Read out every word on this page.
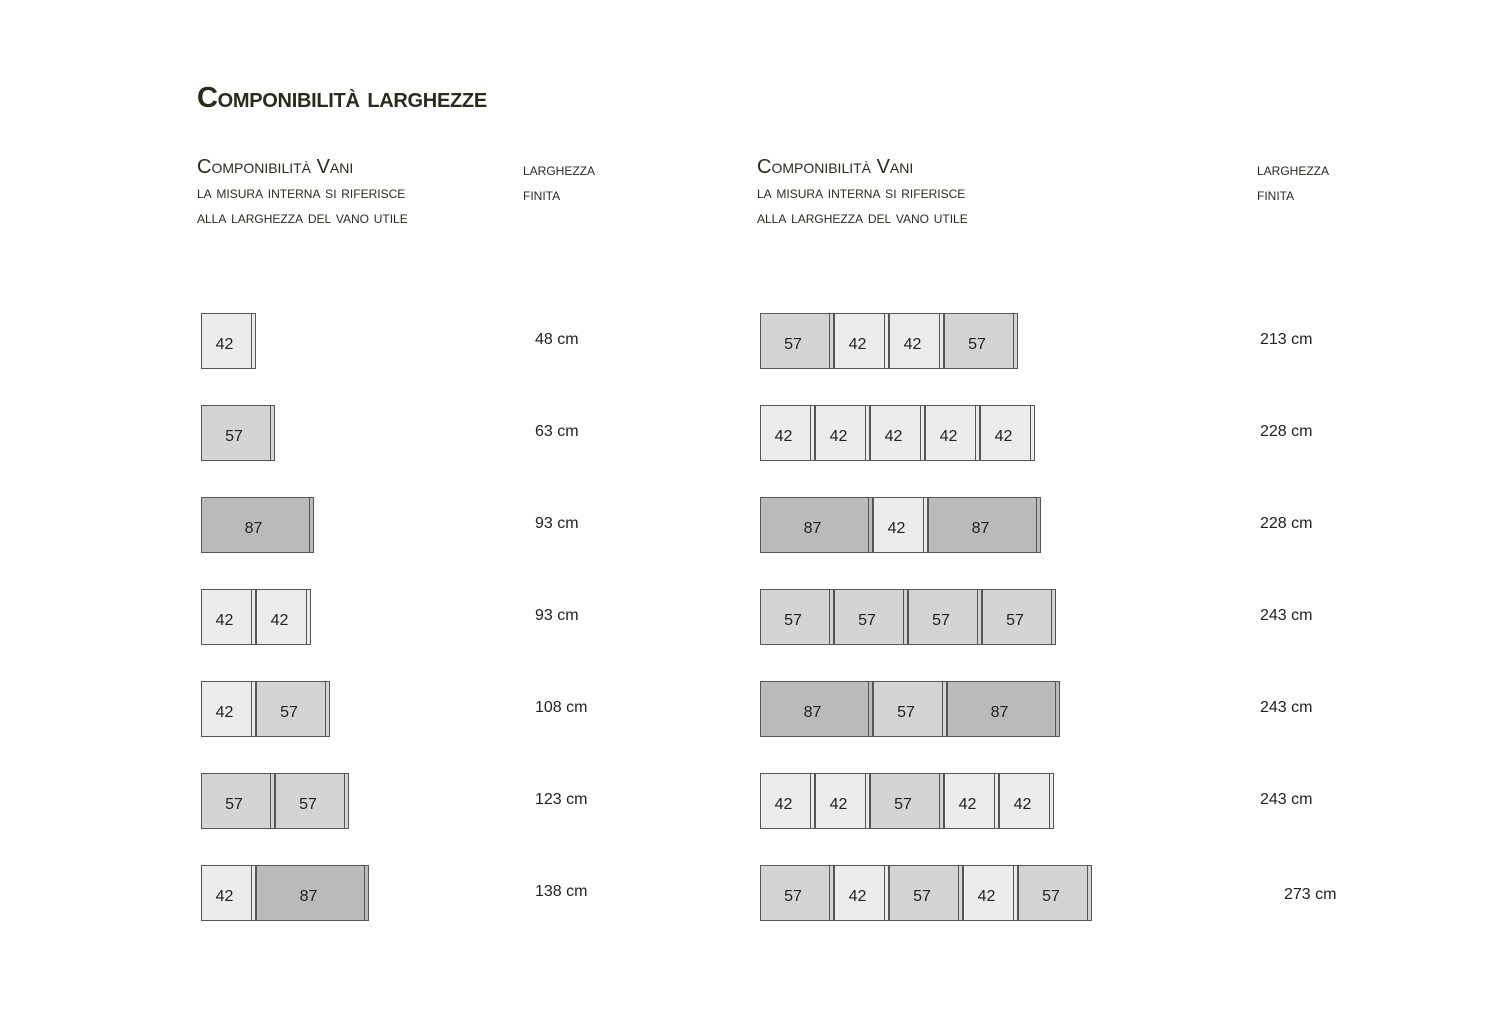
Componibilità larghezze
Componibilità Vani
la misura interna si riferisce
alla larghezza del vano utile
larghezza
finita
Componibilità Vani
la misura interna si riferisce
alla larghezza del vano utile
larghezza
finita
42	48 cm
57	63 cm
87	93 cm
42 42	93 cm
42	57	108 cm
57	57	123 cm
42	87	138 cm
57	42 42	57	213 cm
42 42 42 42 42	228 cm
87	42	87	228 cm
57	57	57	57	243 cm
87	57	87	243 cm
42 42	57	42 42	243 cm
57	42	57	42	57	273 cm
